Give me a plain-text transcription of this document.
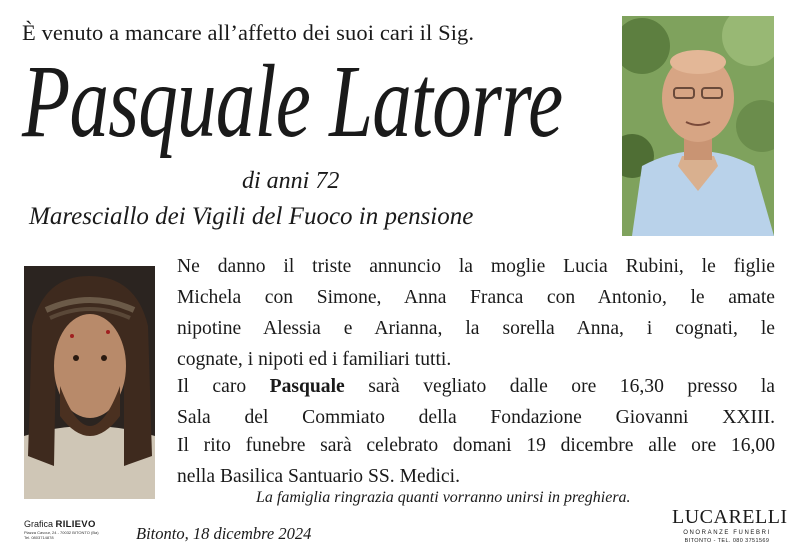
È venuto a mancare all’affetto dei suoi cari il Sig.
Pasquale Latorre
di anni 72
Maresciallo dei Vigili del Fuoco in pensione
Ne danno il triste annuncio la moglie Lucia Rubini, le figlie
Michela con Simone, Anna Franca con Antonio, le amate
nipotine Alessia e Arianna, la sorella Anna, i cognati, le
cognate, i nipoti ed i familiari tutti.
Il caro Pasquale sarà vegliato dalle ore 16,30 presso la
Sala del Commiato della Fondazione Giovanni XXIII.
Il rito funebre sarà celebrato domani 19 dicembre alle ore 16,00
nella Basilica Santuario SS. Medici.
La famiglia ringrazia quanti vorranno unirsi in preghiera.
Grafica RILIEVO
Piazza Cavour, 24 - 70032 BITONTO (Ba)
Tel. 0803714878	Bitonto, 18 dicembre 2024
LUCARELLI
ONORANZE FUNEBRI
BITONTO - TEL. 080 3751569
